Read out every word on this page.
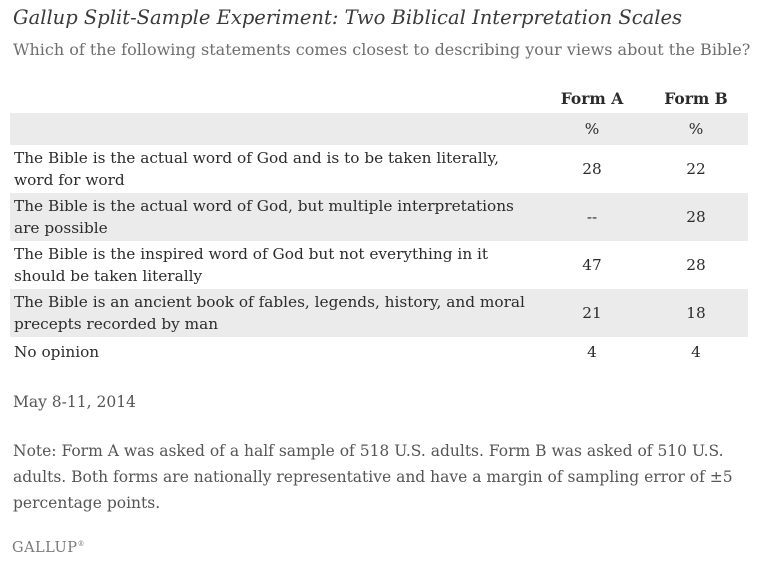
Gallup Split-Sample Experiment: Two Biblical Interpretation Scales
Which of the following statements comes closest to describing your views about the Bible?
	Form A	Form B
	%	%
The Bible is the actual word of God and is to be taken literally, word for word	28	22
The Bible is the actual word of God, but multiple interpretations are possible	--	28
The Bible is the inspired word of God but not everything in it should be taken literally	47	28
The Bible is an ancient book of fables, legends, history, and moral precepts recorded by man	21	18
No opinion	4	4
May 8-11, 2014
Note: Form A was asked of a half sample of 518 U.S. adults. Form B was asked of 510 U.S. adults. Both forms are nationally representative and have a margin of sampling error of ±5 percentage points.
GALLUP®
